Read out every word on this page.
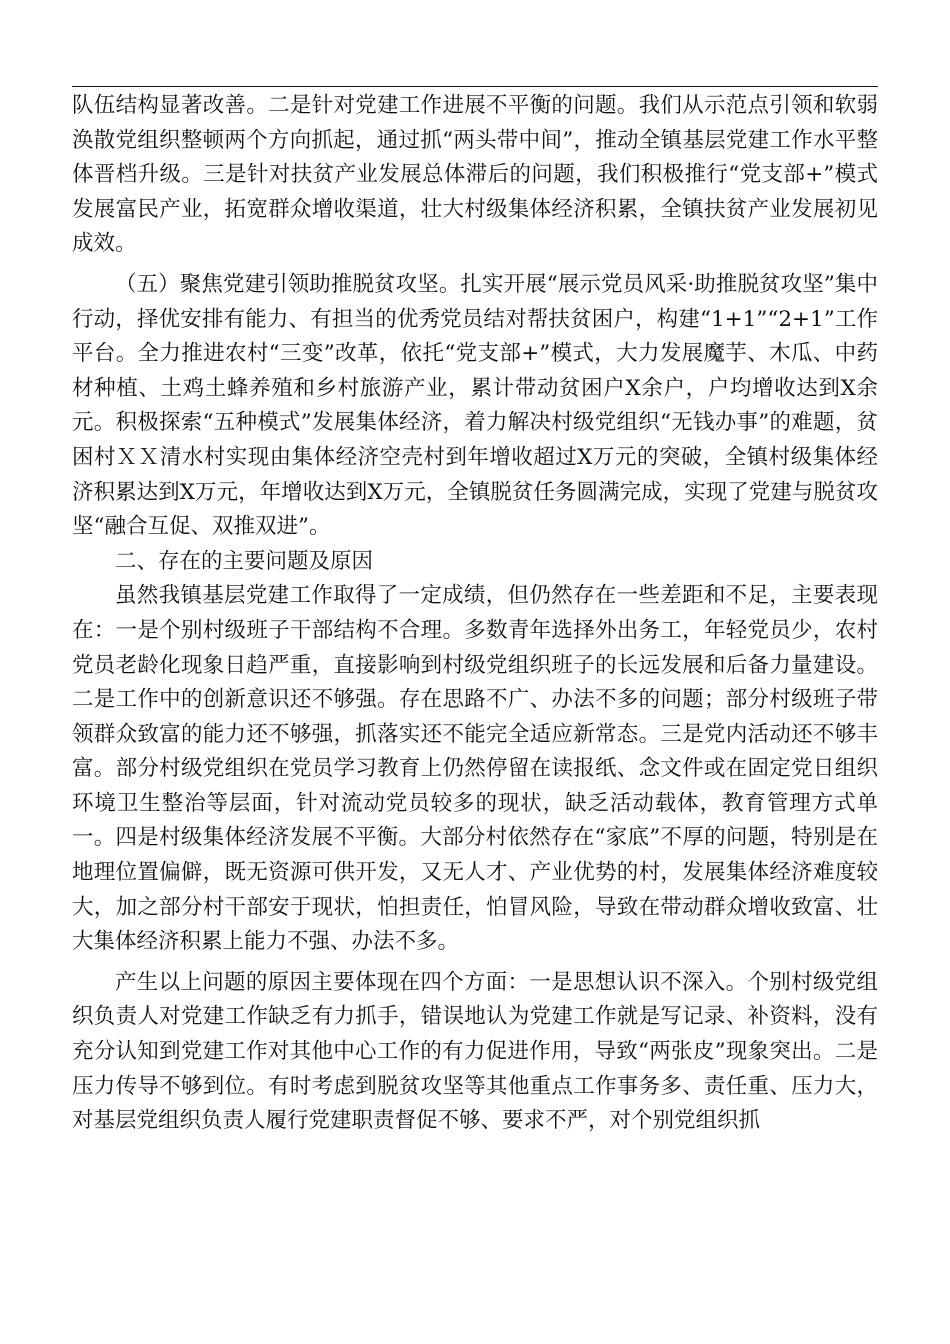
队伍结构显著改善。二是针对党建工作进展不平衡的问题。我们从示范点引领和软弱涣散党组织整顿两个方向抓起，通过抓“两头带中间”，推动全镇基层党建工作水平整体晋档升级。三是针对扶贫产业发展总体滞后的问题，我们积极推行“党支部+”模式发展富民产业，拓宽群众增收渠道，壮大村级集体经济积累，全镇扶贫产业发展初见成效。

（五）聚焦党建引领助推脱贫攻坚。扎实开展“展示党员风采·助推脱贫攻坚”集中行动，择优安排有能力、有担当的优秀党员结对帮扶贫困户，构建“1+1”“2+1”工作平台。全力推进农村“三变”改革，依托“党支部+”模式，大力发展魔芋、木瓜、中药材种植、土鸡土蜂养殖和乡村旅游产业，累计带动贫困户X余户，户均增收达到X余元。积极探索“五种模式”发展集体经济，着力解决村级党组织“无钱办事”的难题，贫困村ＸＸ清水村实现由集体经济空壳村到年增收超过X万元的突破，全镇村级集体经济积累达到X万元，年增收达到X万元，全镇脱贫任务圆满完成，实现了党建与脱贫攻坚“融合互促、双推双进”。

二、存在的主要问题及原因

虽然我镇基层党建工作取得了一定成绩，但仍然存在一些差距和不足，主要表现在：一是个别村级班子干部结构不合理。多数青年选择外出务工，年轻党员少，农村党员老龄化现象日趋严重，直接影响到村级党组织班子的长远发展和后备力量建设。二是工作中的创新意识还不够强。存在思路不广、办法不多的问题；部分村级班子带领群众致富的能力还不够强，抓落实还不能完全适应新常态。三是党内活动还不够丰富。部分村级党组织在党员学习教育上仍然停留在读报纸、念文件或在固定党日组织环境卫生整治等层面，针对流动党员较多的现状，缺乏活动载体，教育管理方式单一。四是村级集体经济发展不平衡。大部分村依然存在“家底”不厚的问题，特别是在地理位置偏僻，既无资源可供开发，又无人才、产业优势的村，发展集体经济难度较大，加之部分村干部安于现状，怕担责任，怕冒风险，导致在带动群众增收致富、壮大集体经济积累上能力不强、办法不多。

产生以上问题的原因主要体现在四个方面：一是思想认识不深入。个别村级党组织负责人对党建工作缺乏有力抓手，错误地认为党建工作就是写记录、补资料，没有充分认知到党建工作对其他中心工作的有力促进作用，导致“两张皮”现象突出。二是压力传导不够到位。有时考虑到脱贫攻坚等其他重点工作事务多、责任重、压力大，对基层党组织负责人履行党建职责督促不够、要求不严，对个别党组织抓
